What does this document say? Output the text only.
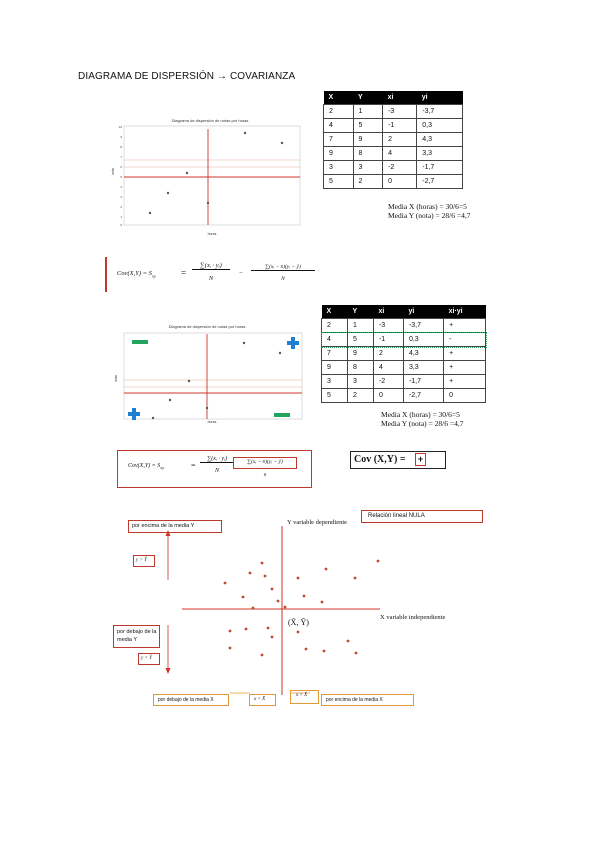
DIAGRAMA DE DISPERSIÓN → COVARIANZA
Diagrama de dispersión de notas por horas
10
9
8
7
6
5
4
3
2
1
0
nota
horas
X	Y	xi	yi
2	1	-3	-3,7
4	5	-1	0,3
7	9	2	4,3
9	8	4	3,3
3	3	-2	-1,7
5	2	0	-2,7
Media X (horas) = 30/6=5
Media Y (nota) = 28/6 =4,7
$Cov(X,Y) = S_{xy}$	=
∑(xᵢ · yᵢ)
N
−
∑(xᵢ − x̄)(yᵢ − ȳ)
N
Diagrama de dispersión de notas por horas
nota
horas
X	Y	xi	yi	xi·yi
2	1	-3	-3,7	+
4	5	-1	0,3	-
7	9	2	4,3	+
9	8	4	3,3	+
3	3	-2	-1,7	+
5	2	0	-2,7	0
Media X (horas) = 30/6=5
Media Y (nota) = 28/6 =4,7
$Cov(X,Y) = S_{xy}$	=
∑(xᵢ · yᵢ)
N
∑(xᵢ − x̄)(yᵢ − ȳ)
n
Cov (X,Y) =	+
Y variable dependiente
X variable independiente
(X̄, Ȳ)
Relación lineal NULA
por encima de la media Y
y > Ȳ
por debajo de la media Y
y < Ȳ
por debajo de la media X	x < X̄
x > X̄
por encima de la media X
